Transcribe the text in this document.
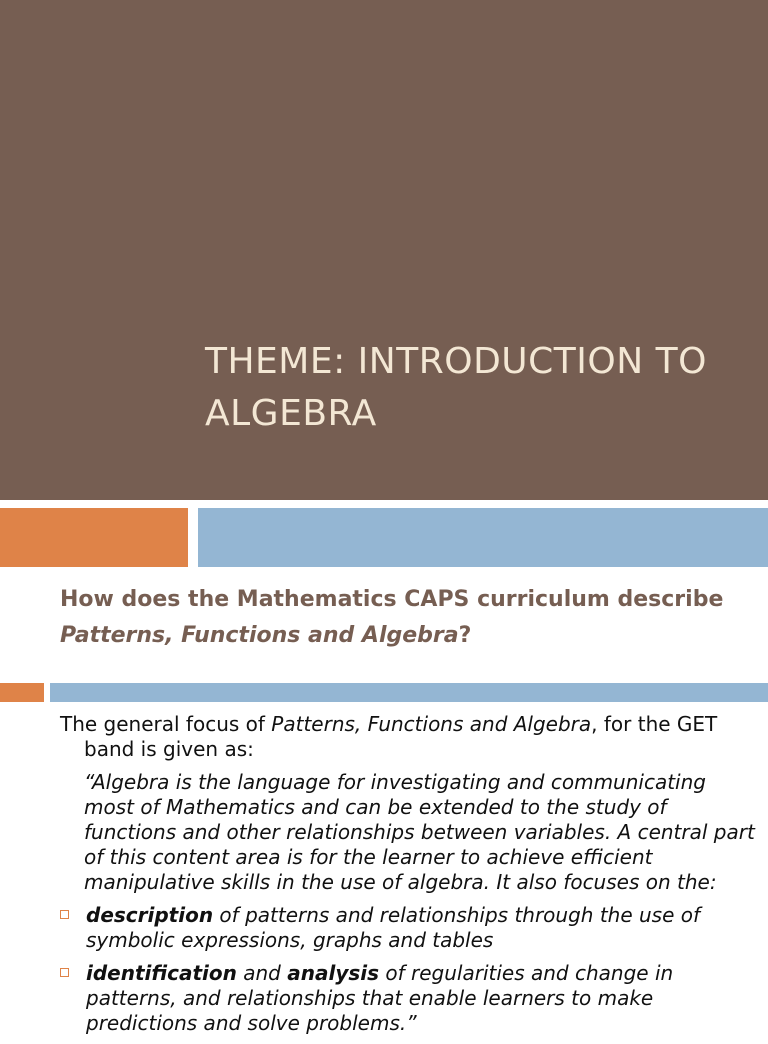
THEME: INTRODUCTION TO ALGEBRA
How does the Mathematics CAPS curriculum describe Patterns, Functions and Algebra?

The general focus of Patterns, Functions and Algebra, for the GET band is given as:

“Algebra is the language for investigating and communicating most of Mathematics and can be extended to the study of functions and other relationships between variables. A central part of this content area is for the learner to achieve efficient manipulative skills in the use of algebra. It also focuses on the:

description of patterns and relationships through the use of symbolic expressions, graphs and tables
identification and analysis of regularities and change in patterns, and relationships that enable learners to make predictions and solve problems.”
